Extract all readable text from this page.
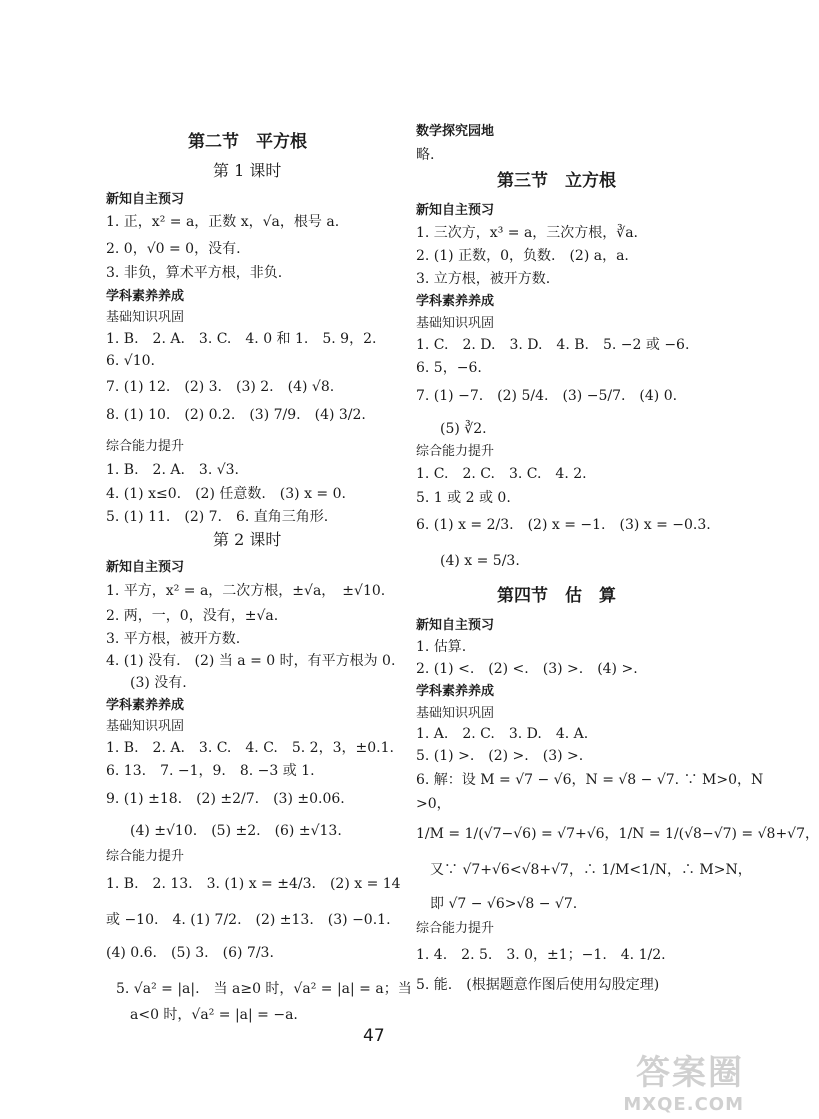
第二节　平方根
第 1 课时
新知自主预习
1. 正，x² = a，正数 x，√a，根号 a.
2. 0，√0 = 0，没有.
3. 非负，算术平方根，非负.
学科素养养成
基础知识巩固
1. B.　2. A.　3. C.　4. 0 和 1.　5. 9，2.
6. √10.
7. (1) 12.　(2) 3.　(3) 2.　(4) √8.
8. (1) 10.　(2) 0.2.　(3) 7/9.　(4) 3/2.
综合能力提升
1. B.　2. A.　3. √3.
4. (1) x≤0.　(2) 任意数.　(3) x = 0.
5. (1) 11.　(2) 7.　6. 直角三角形.
第 2 课时
新知自主预习
1. 平方，x² = a，二次方根，±√a，　±√10.
2. 两，一，0，没有，±√a.
3. 平方根，被开方数.
4. (1) 没有.　(2) 当 a = 0 时，有平方根为 0.
(3) 没有.
学科素养养成
基础知识巩固
1. B.　2. A.　3. C.　4. C.　5. 2，3，±0.1.
6. 13.　7. −1，9.　8. −3 或 1.
9. (1) ±18.　(2) ±2/7.　(3) ±0.06.
(4) ±√10.　(5) ±2.　(6) ±√13.
综合能力提升
1. B.　2. 13.　3. (1) x = ±4/3.　(2) x = 14
或 −10.　4. (1) 7/2.　(2) ±13.　(3) −0.1.
(4) 0.6.　(5) 3.　(6) 7/3.
5. √a² = |a|.　当 a≥0 时，√a² = |a| = a；当
a<0 时，√a² = |a| = −a.
数学探究园地
略.
第三节　立方根
新知自主预习
1. 三次方，x³ = a，三次方根，∛a.
2. (1) 正数，0，负数.　(2) a，a.
3. 立方根，被开方数.
学科素养养成
基础知识巩固
1. C.　2. D.　3. D.　4. B.　5. −2 或 −6.
6. 5，−6.
7. (1) −7.　(2) 5/4.　(3) −5/7.　(4) 0.
(5) ∛2.
综合能力提升
1. C.　2. C.　3. C.　4. 2.
5. 1 或 2 或 0.
6. (1) x = 2/3.　(2) x = −1.　(3) x = −0.3.
(4) x = 5/3.
第四节　估　算
新知自主预习
1. 估算.
2. (1) <.　(2) <.　(3) >.　(4) >.
学科素养养成
基础知识巩固
1. A.　2. C.　3. D.　4. A.
5. (1) >.　(2) >.　(3) >.
6. 解：设 M = √7 − √6，N = √8 − √7. ∵ M>0，N
>0，
1/M = 1/(√7−√6) = √7+√6，1/N = 1/(√8−√7) = √8+√7，
又∵ √7+√6<√8+√7，∴ 1/M<1/N，∴ M>N，
即 √7 − √6>√8 − √7.
综合能力提升
1. 4.　2. 5.　3. 0，±1；−1.　4. 1/2.
5. 能.　(根据题意作图后使用勾股定理)
47
答案圈
MXQE.COM
